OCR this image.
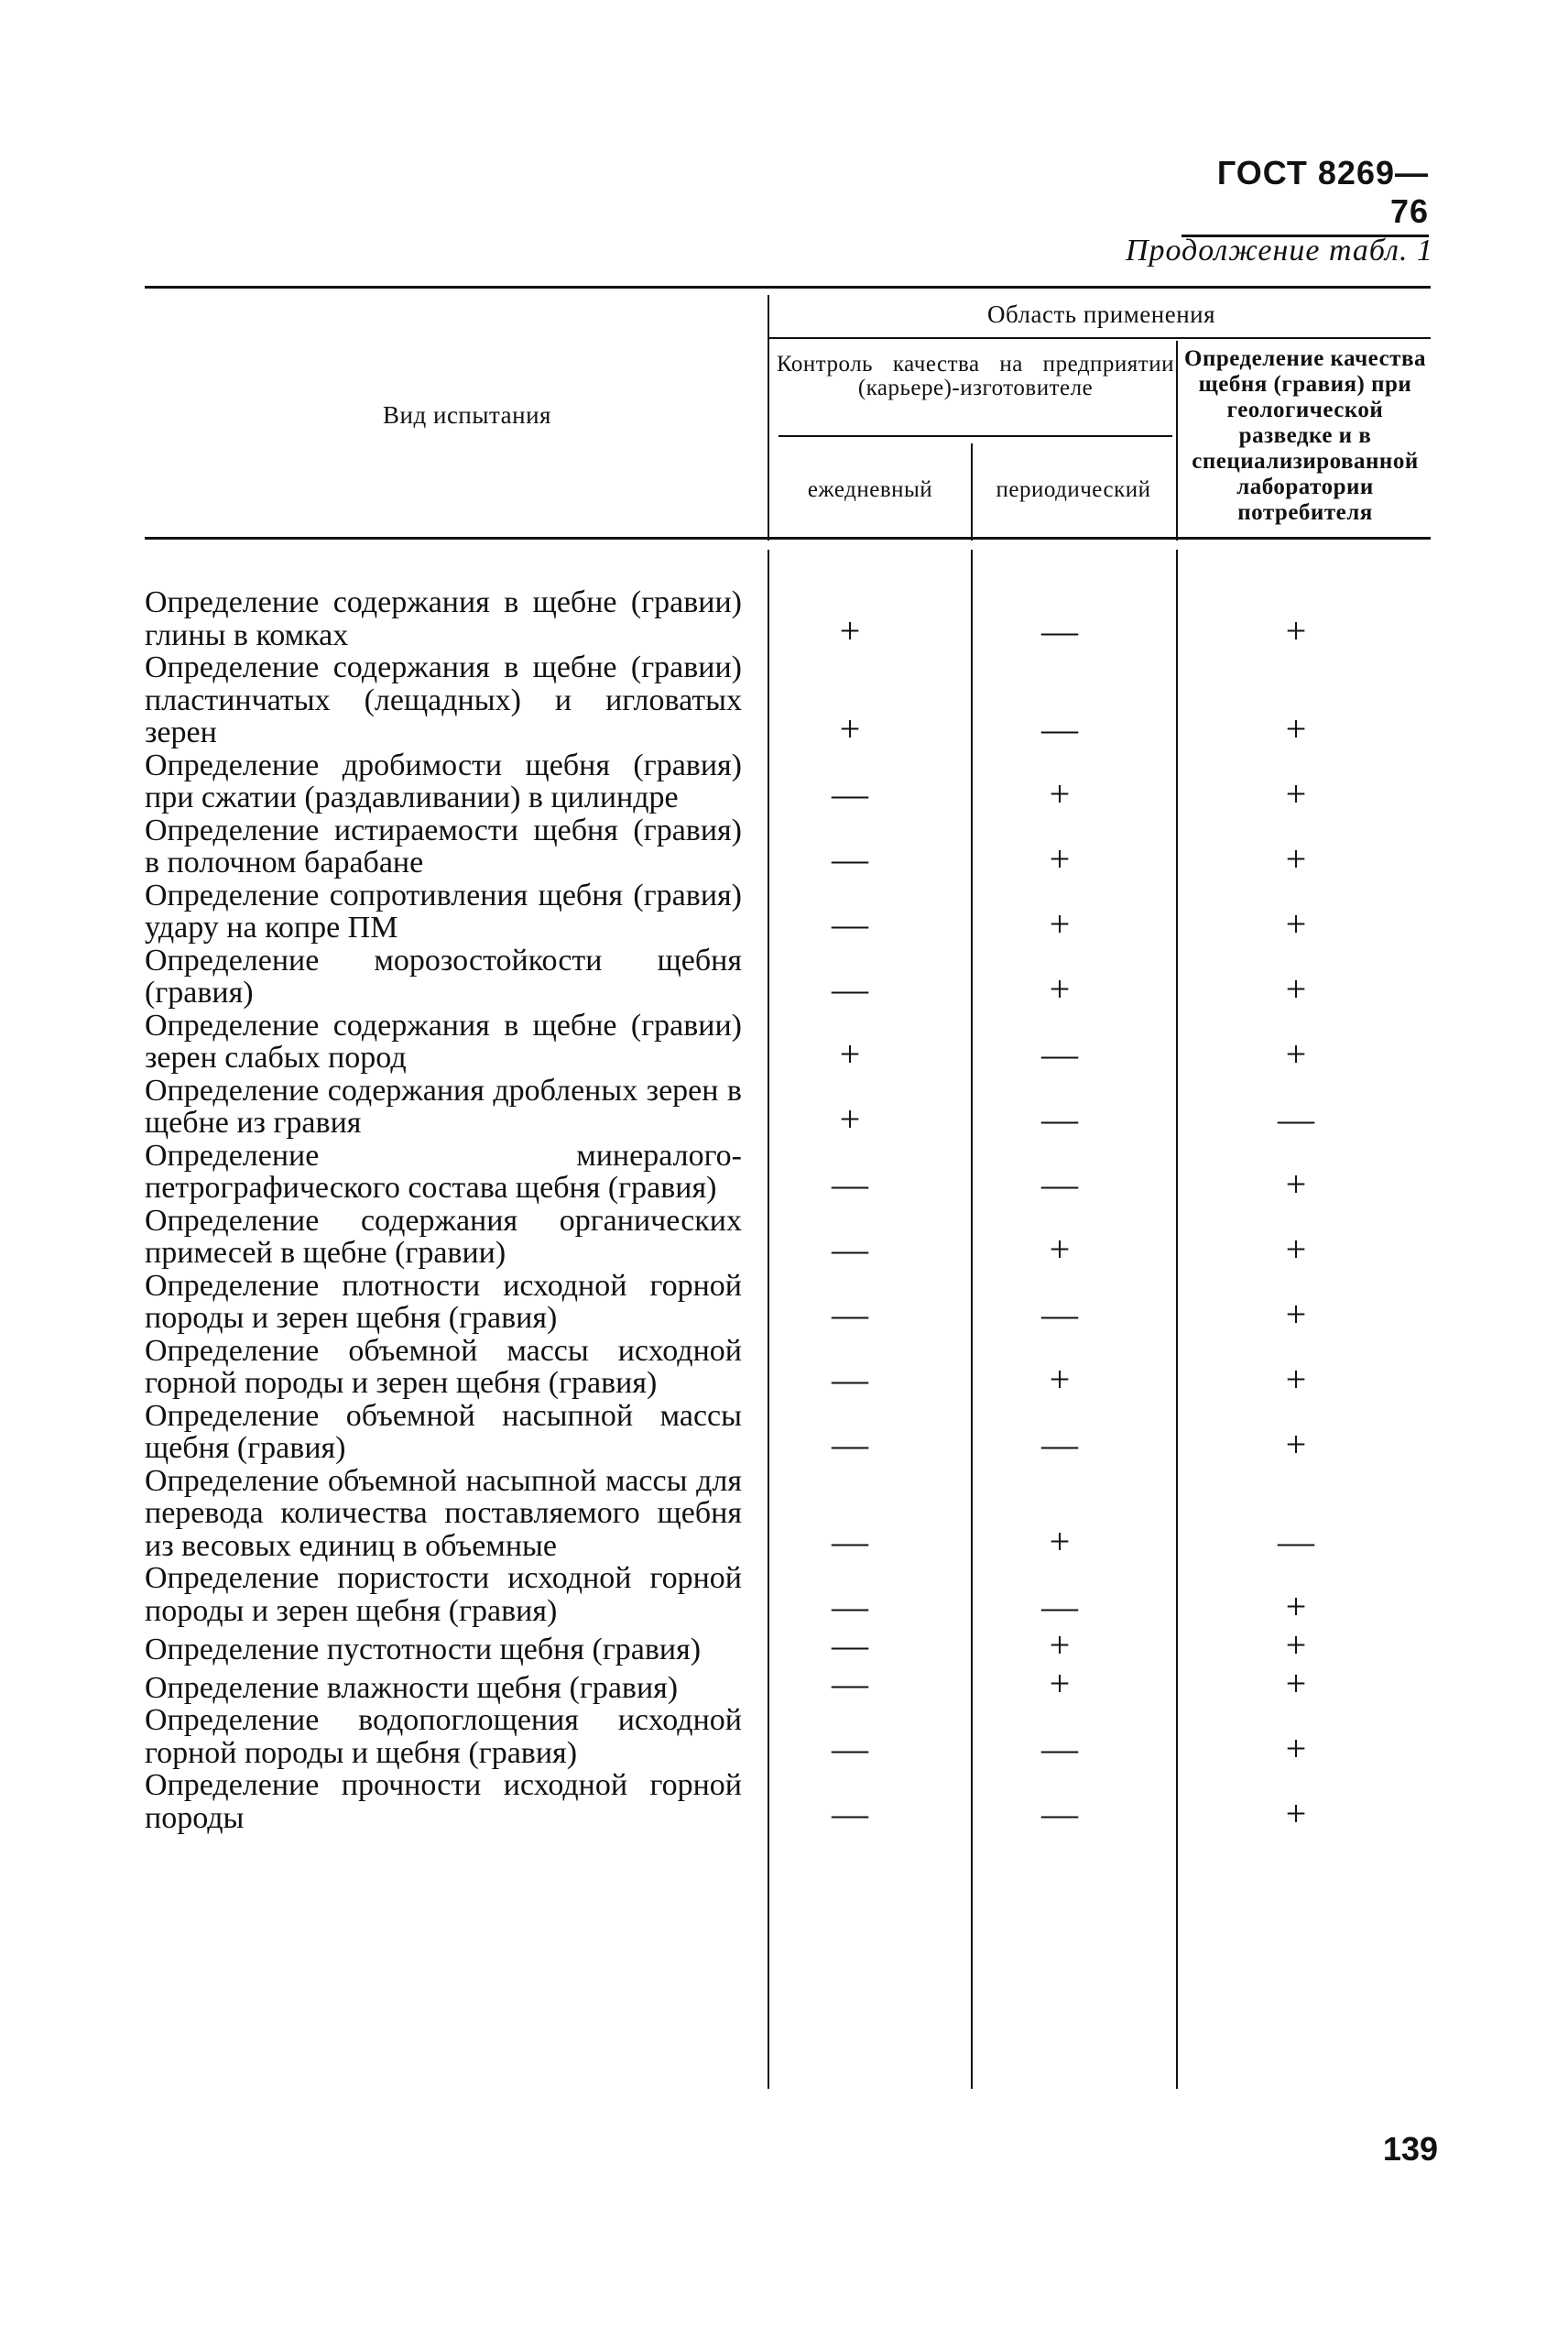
ГОСТ 8269—76
Продолжение табл. 1
Вид испытания
Область применения
Контроль качества на предприятии (карьере)-изготовителе
ежедневный	периодический
Определение качества щебня (гравия) при геологической разведке и в специализированной лаборатории потребителя
Определение содержания в щебне (гравии) глины в комках	+	—	+
Определение содержания в щебне (гравии) пластинчатых (лещадных) и игловатых зерен	+	—	+
Определение дробимости щебня (гравия) при сжатии (раздавливании) в цилиндре	—	+	+
Определение истираемости щебня (гравия) в полочном барабане	—	+	+
Определение сопротивления щебня (гравия) удару на копре ПМ	—	+	+
Определение морозостойкости щебня (гравия)	—	+	+
Определение содержания в щебне (гравии) зерен слабых пород	+	—	+
Определение содержания дробленых зерен в щебне из гравия	+	—	—
Определение минералого-петрографического состава щебня (гравия)	—	—	+
Определение содержания органических примесей в щебне (гравии)	—	+	+
Определение плотности исходной горной породы и зерен щебня (гравия)	—	—	+
Определение объемной массы исходной горной породы и зерен щебня (гравия)	—	+	+
Определение объемной насыпной массы щебня (гравия)	—	—	+
Определение объемной насыпной массы для перевода количества поставляемого щебня из весовых единиц в объемные	—	+	—
Определение пористости исходной горной породы и зерен щебня (гравия)	—	—	+
Определение пустотности щебня (гравия)	—	+	+
Определение влажности щебня (гравия)	—	+	+
Определение водопоглощения исходной горной породы и щебня (гравия)	—	—	+
Определение прочности исходной горной породы	—	—	+
139
